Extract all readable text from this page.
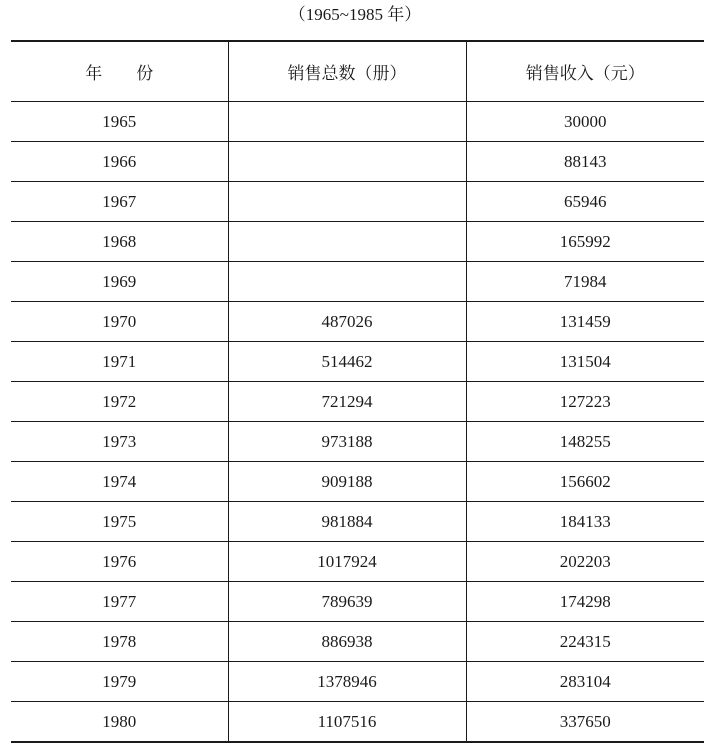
（1965~1985 年）
年　　份	销售总数（册）	销售收入（元）
1965		30000
1966		88143
1967		65946
1968		165992
1969		71984
1970	487026	131459
1971	514462	131504
1972	721294	127223
1973	973188	148255
1974	909188	156602
1975	981884	184133
1976	1017924	202203
1977	789639	174298
1978	886938	224315
1979	1378946	283104
1980	1107516	337650
